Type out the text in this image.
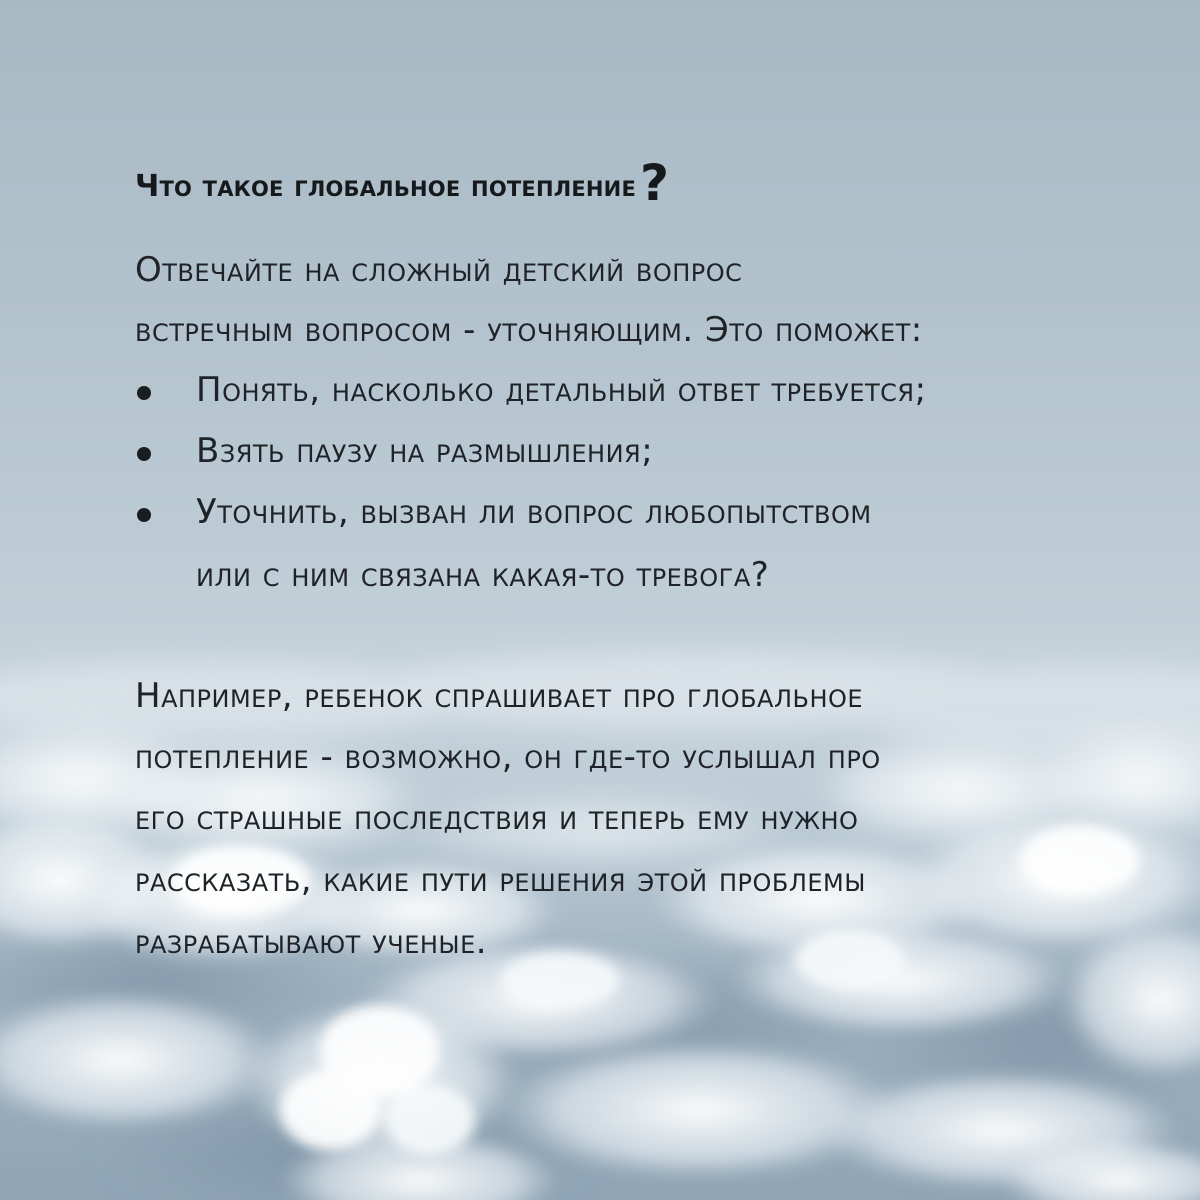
Что такое глобальное потепление?
Отвечайте на сложный детский вопрос
встречным вопросом - уточняющим. Это поможет:
Понять, насколько детальный ответ требуется;
Взять паузу на размышления;
Уточнить, вызван ли вопрос любопытством
или с ним связана какая-то тревога?
Например, ребенок спрашивает про глобальное
потепление - возможно, он где-то услышал про
его страшные последствия и теперь ему нужно
рассказать, какие пути решения этой проблемы
разрабатывают ученые.
